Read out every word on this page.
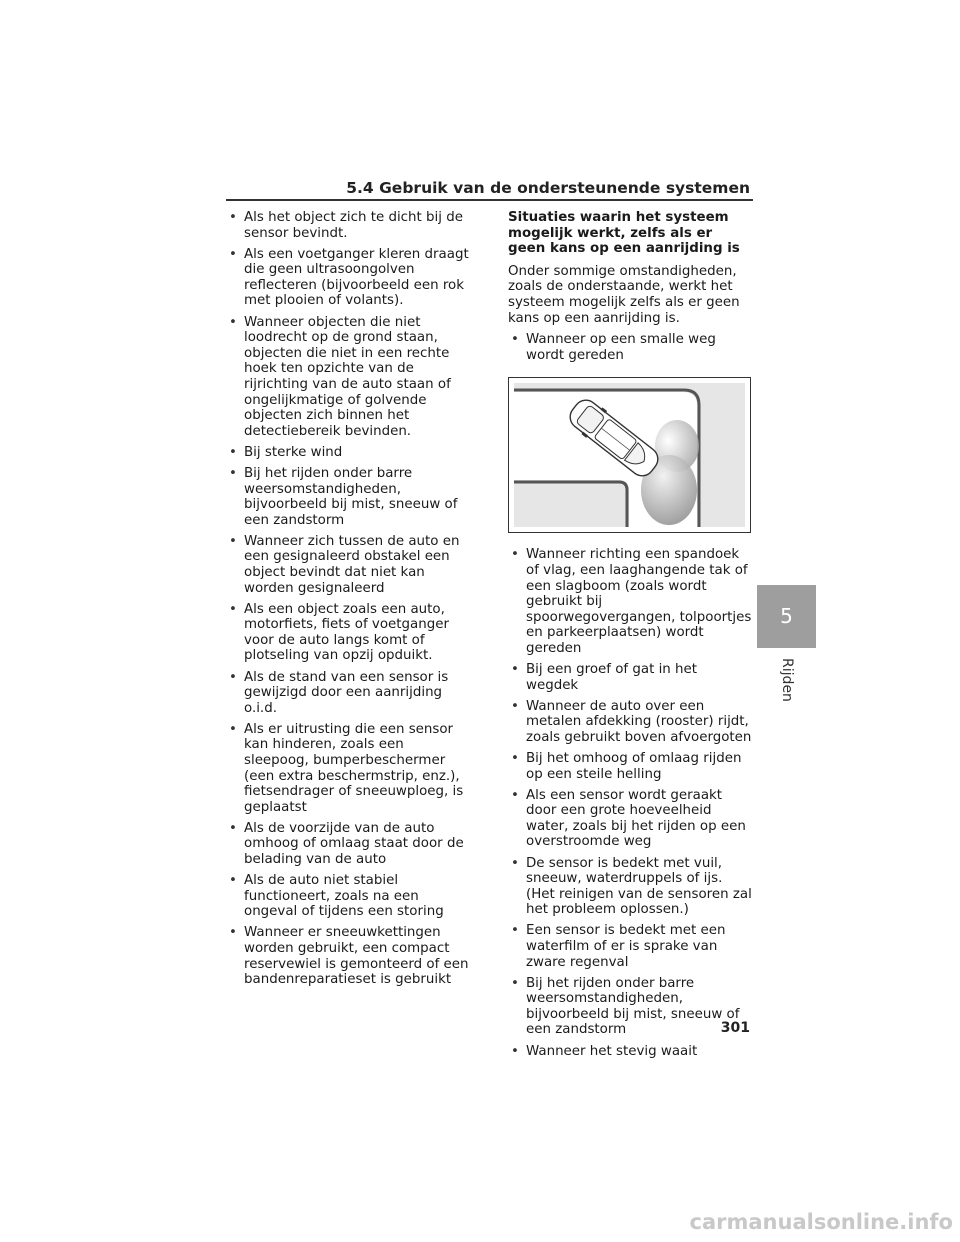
5.4 Gebruik van de ondersteunende systemen
• Als het object zich te dicht bij de sensor bevindt.
• Als een voetganger kleren draagt die geen ultrasoongolven reflecteren (bijvoorbeeld een rok met plooien of volants).
• Wanneer objecten die niet loodrecht op de grond staan, objecten die niet in een rechte hoek ten opzichte van de rijrichting van de auto staan of ongelijkmatige of golvende objecten zich binnen het detectiebereik bevinden.
• Bij sterke wind
• Bij het rijden onder barre weersomstandigheden, bijvoorbeeld bij mist, sneeuw of een zandstorm
• Wanneer zich tussen de auto en een gesignaleerd obstakel een object bevindt dat niet kan worden gesignaleerd
• Als een object zoals een auto, motorfiets, fiets of voetganger voor de auto langs komt of plotseling van opzij opduikt.
• Als de stand van een sensor is gewijzigd door een aanrijding o.i.d.
• Als er uitrusting die een sensor kan hinderen, zoals een sleepoog, bumperbeschermer (een extra beschermstrip, enz.), fietsendrager of sneeuwploeg, is geplaatst
• Als de voorzijde van de auto omhoog of omlaag staat door de belading van de auto
• Als de auto niet stabiel functioneert, zoals na een ongeval of tijdens een storing
• Wanneer er sneeuwkettingen worden gebruikt, een compact reservewiel is gemonteerd of een bandenreparatieset is gebruikt
Situaties waarin het systeem mogelijk werkt, zelfs als er geen kans op een aanrijding is

Onder sommige omstandigheden, zoals de onderstaande, werkt het systeem mogelijk zelfs als er geen kans op een aanrijding is.

• Wanneer op een smalle weg wordt gereden
• Wanneer richting een spandoek of vlag, een laaghangende tak of een slagboom (zoals wordt gebruikt bij spoorwegovergangen, tolpoortjes en parkeerplaatsen) wordt gereden
• Bij een groef of gat in het wegdek
• Wanneer de auto over een metalen afdekking (rooster) rijdt, zoals gebruikt boven afvoergoten
• Bij het omhoog of omlaag rijden op een steile helling
• Als een sensor wordt geraakt door een grote hoeveelheid water, zoals bij het rijden op een overstroomde weg
• De sensor is bedekt met vuil, sneeuw, waterdruppels of ijs. (Het reinigen van de sensoren zal het probleem oplossen.)
• Een sensor is bedekt met een waterfilm of er is sprake van zware regenval
• Bij het rijden onder barre weersomstandigheden, bijvoorbeeld bij mist, sneeuw of een zandstorm
• Wanneer het stevig waait
5
Rijden
301
carmanualsonline.info
